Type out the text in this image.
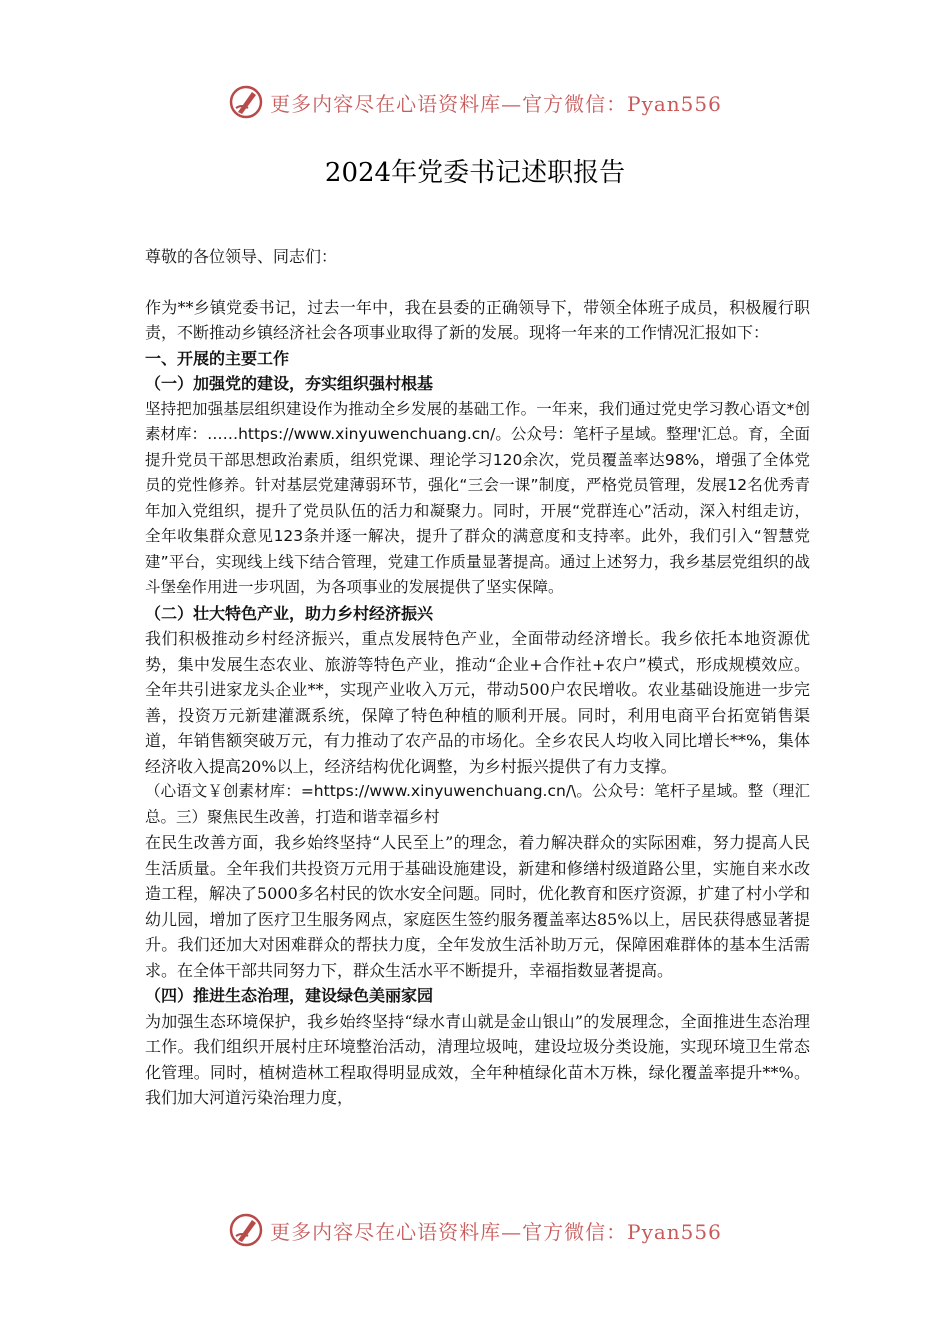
更多内容尽在心语资料库—官方微信：Pyan556
2024年党委书记述职报告

尊敬的各位领导、同志们：

作为**乡镇党委书记，过去一年中，我在县委的正确领导下，带领全体班子成员，积极履行职责，不断推动乡镇经济社会各项事业取得了新的发展。现将一年来的工作情况汇报如下：

一、开展的主要工作

（一）加强党的建设，夯实组织强村根基

坚持把加强基层组织建设作为推动全乡发展的基础工作。一年来，我们通过党史学习教心语文*创素材库：……https://www.xinyuwenchuang.cn/。公众号：笔杆子星域。整理'汇总。育，全面提升党员干部思想政治素质，组织党课、理论学习120余次，党员覆盖率达98%，增强了全体党员的党性修养。针对基层党建薄弱环节，强化“三会一课”制度，严格党员管理，发展12名优秀青年加入党组织，提升了党员队伍的活力和凝聚力。同时，开展“党群连心”活动，深入村组走访，全年收集群众意见123条并逐一解决，提升了群众的满意度和支持率。此外，我们引入“智慧党建”平台，实现线上线下结合管理，党建工作质量显著提高。通过上述努力，我乡基层党组织的战斗堡垒作用进一步巩固，为各项事业的发展提供了坚实保障。

（二）壮大特色产业，助力乡村经济振兴

我们积极推动乡村经济振兴，重点发展特色产业，全面带动经济增长。我乡依托本地资源优势，集中发展生态农业、旅游等特色产业，推动“企业+合作社+农户”模式，形成规模效应。全年共引进家龙头企业**，实现产业收入万元，带动500户农民增收。农业基础设施进一步完善，投资万元新建灌溉系统，保障了特色种植的顺利开展。同时，利用电商平台拓宽销售渠道，年销售额突破万元，有力推动了农产品的市场化。全乡农民人均收入同比增长**%，集体经济收入提高20%以上，经济结构优化调整，为乡村振兴提供了有力支撑。

（心语文￥创素材库：=https://www.xinyuwenchuang.cn/\。公众号：笔杆子星域。整（理汇总。三）聚焦民生改善，打造和谐幸福乡村

在民生改善方面，我乡始终坚持“人民至上”的理念，着力解决群众的实际困难，努力提高人民生活质量。全年我们共投资万元用于基础设施建设，新建和修缮村级道路公里，实施自来水改造工程，解决了5000多名村民的饮水安全问题。同时，优化教育和医疗资源，扩建了村小学和幼儿园，增加了医疗卫生服务网点，家庭医生签约服务覆盖率达85%以上，居民获得感显著提升。我们还加大对困难群众的帮扶力度，全年发放生活补助万元，保障困难群体的基本生活需求。在全体干部共同努力下，群众生活水平不断提升，幸福指数显著提高。

（四）推进生态治理，建设绿色美丽家园

为加强生态环境保护，我乡始终坚持“绿水青山就是金山银山”的发展理念，全面推进生态治理工作。我们组织开展村庄环境整治活动，清理垃圾吨，建设垃圾分类设施，实现环境卫生常态化管理。同时，植树造林工程取得明显成效，全年种植绿化苗木万株，绿化覆盖率提升**%。我们加大河道污染治理力度，

更多内容尽在心语资料库—官方微信：Pyan556
